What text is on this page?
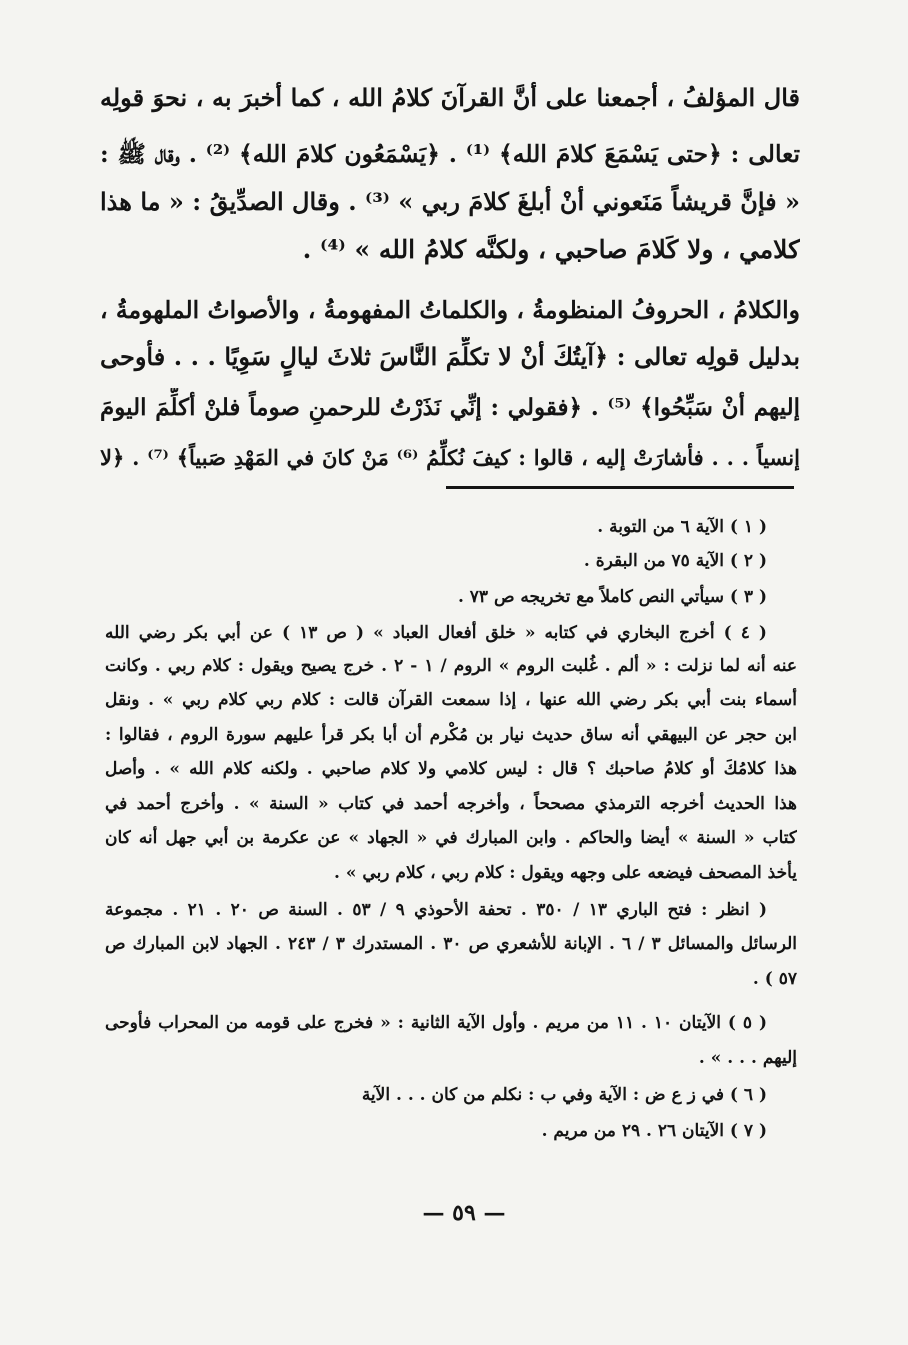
قال المؤلفُ ، أجمعنا على أنَّ القرآنَ كلامُ الله ، كما أخبرَ به ، نحوَ قولِه
تعالى : ﴿حتى يَسْمَعَ كلامَ الله﴾ ⁽¹⁾ . ﴿يَسْمَعُون كلامَ الله﴾ ⁽²⁾ . وقال ﷺ :
« فإنَّ قريشاً مَنَعوني أنْ أبلغَ كلامَ ربي » ⁽³⁾ . وقال الصدِّيقُ : « ما هذا
كلامي ، ولا كَلامَ صاحبي ، ولكنَّه كلامُ الله » ⁽⁴⁾ .
والكلامُ ، الحروفُ المنظومةُ ، والكلماتُ المفهومةُ ، والأصواتُ الملهومةُ ،
بدليل قولِه تعالى : ﴿آيتُكَ أنْ لا تكلِّمَ النَّاسَ ثلاثَ ليالٍ سَوِيًا . . . فأوحى
إليهم أنْ سَبِّحُوا﴾ ⁽⁵⁾ . ﴿فقولي : إنِّي نَذَرْتُ للرحمنِ صوماً فلنْ أكلِّمَ اليومَ
إنسياً . . . فأشارَتْ إليه ، قالوا : كيفَ نُكلِّمُ ⁽⁶⁾ مَنْ كانَ في المَهْدِ صَبياً﴾ ⁽⁷⁾ . ﴿لا
( ١ ) الآية ٦ من التوبة .
( ٢ ) الآية ٧٥ من البقرة .
( ٣ ) سيأتي النص كاملاً مع تخريجه ص ٧٣ .
( ٤ ) أخرج البخاري في كتابه « خلق أفعال العباد » ( ص ١٣ ) عن أبي بكر رضي الله
عنه أنه لما نزلت : « ألم . غُلبت الروم » الروم / ١ - ٢ . خرج يصيح ويقول : كلام ربي . وكانت
أسماء بنت أبي بكر رضي الله عنها ، إذا سمعت القرآن قالت : كلام ربي كلام ربي » . ونقل
ابن حجر عن البيهقي أنه ساق حديث نيار بن مُكْرم أن أبا بكر قرأ عليهم سورة الروم ، فقالوا :
هذا كلامُكَ أو كلامُ صاحبك ؟ قال : ليس كلامي ولا كلام صاحبي . ولكنه كلام الله » . وأصل
هذا الحديث أخرجه الترمذي مصححاً ، وأخرجه أحمد في كتاب « السنة » . وأخرج أحمد في
كتاب « السنة » أيضا والحاكم . وابن المبارك في « الجهاد » عن عكرمة بن أبي جهل أنه كان
يأخذ المصحف فيضعه على وجهه ويقول : كلام ربي ، كلام ربي » .
( انظر : فتح الباري ١٣ / ٣٥٠ . تحفة الأحوذي ٩ / ٥٣ . السنة ص ٢٠ . ٢١ . مجموعة
الرسائل والمسائل ٣ / ٦ . الإبانة للأشعري ص ٣٠ . المستدرك ٣ / ٢٤٣ . الجهاد لابن المبارك ص
٥٧ ) .
( ٥ ) الآيتان ١٠ . ١١ من مريم . وأول الآية الثانية : « فخرج على قومه من المحراب فأوحى
إليهم . . . » .
( ٦ ) في ز ع ض : الآية وفي ب : نكلم من كان . . . الآية
( ٧ ) الآيتان ٢٦ . ٢٩ من مريم .
— ٥٩ —
